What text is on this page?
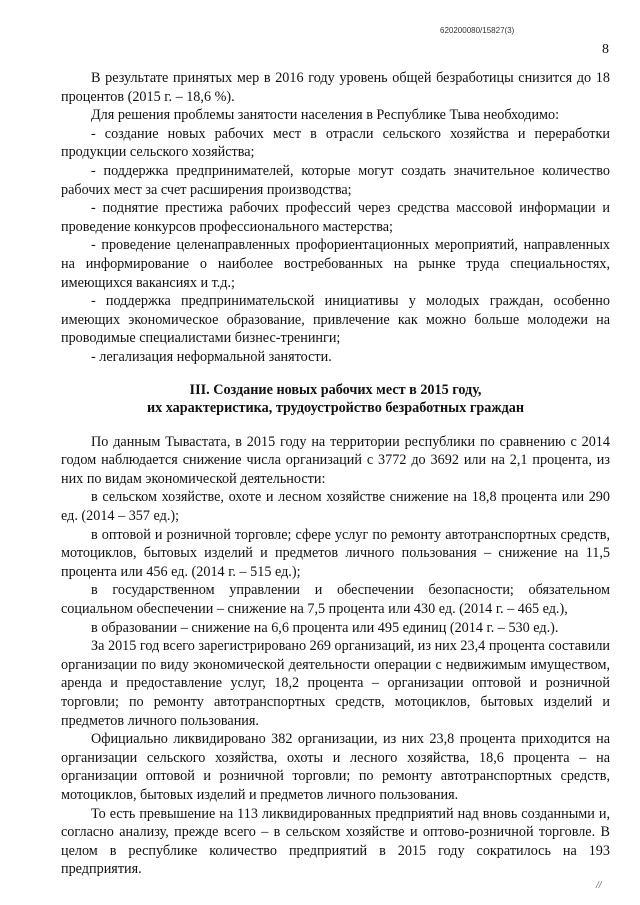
620200080/15827(3)
8

В результате принятых мер в 2016 году уровень общей безработицы снизится до 18 процентов (2015 г. – 18,6 %).

Для решения проблемы занятости населения в Республике Тыва необходимо:

- создание новых рабочих мест в отрасли сельского хозяйства и переработки продукции сельского хозяйства;

- поддержка предпринимателей, которые могут создать значительное количество рабочих мест за счет расширения производства;

- поднятие престижа рабочих профессий через средства массовой информации и проведение конкурсов профессионального мастерства;

- проведение целенаправленных профориентационных мероприятий, направленных на информирование о наиболее востребованных на рынке труда специальностях, имеющихся вакансиях и т.д.;

- поддержка предпринимательской инициативы у молодых граждан, особенно имеющих экономическое образование, привлечение как можно больше молодежи на проводимые специалистами бизнес-тренинги;

- легализация неформальной занятости.

III. Создание новых рабочих мест в 2015 году,
их характеристика, трудоустройство безработных граждан

По данным Тывастата, в 2015 году на территории республики по сравнению с 2014 годом наблюдается снижение числа организаций с 3772 до 3692 или на 2,1 процента, из них по видам экономической деятельности:

в сельском хозяйстве, охоте и лесном хозяйстве снижение на 18,8 процента или 290 ед. (2014 – 357 ед.);

в оптовой и розничной торговле; сфере услуг по ремонту автотранспортных средств, мотоциклов, бытовых изделий и предметов личного пользования – снижение на 11,5 процента или 456 ед. (2014 г. – 515 ед.);

в государственном управлении и обеспечении безопасности; обязательном социальном обеспечении – снижение на 7,5 процента или 430 ед. (2014 г. – 465 ед.),

в образовании – снижение на 6,6 процента или 495 единиц (2014 г. – 530 ед.).

За 2015 год всего зарегистрировано 269 организаций, из них 23,4 процента составили организации по виду экономической деятельности операции с недвижимым имуществом, аренда и предоставление услуг, 18,2 процента – организации оптовой и розничной торговли; по ремонту автотранспортных средств, мотоциклов, бытовых изделий и предметов личного пользования.

Официально ликвидировано 382 организации, из них 23,8 процента приходится на организации сельского хозяйства, охоты и лесного хозяйства, 18,6 процента – на организации оптовой и розничной торговли; по ремонту автотранспортных средств, мотоциклов, бытовых изделий и предметов личного пользования.

То есть превышение на 113 ликвидированных предприятий над вновь созданными и, согласно анализу, прежде всего – в сельском хозяйстве и оптово-розничной торговле. В целом в республике количество предприятий в 2015 году сократилось на 193 предприятия.

//
